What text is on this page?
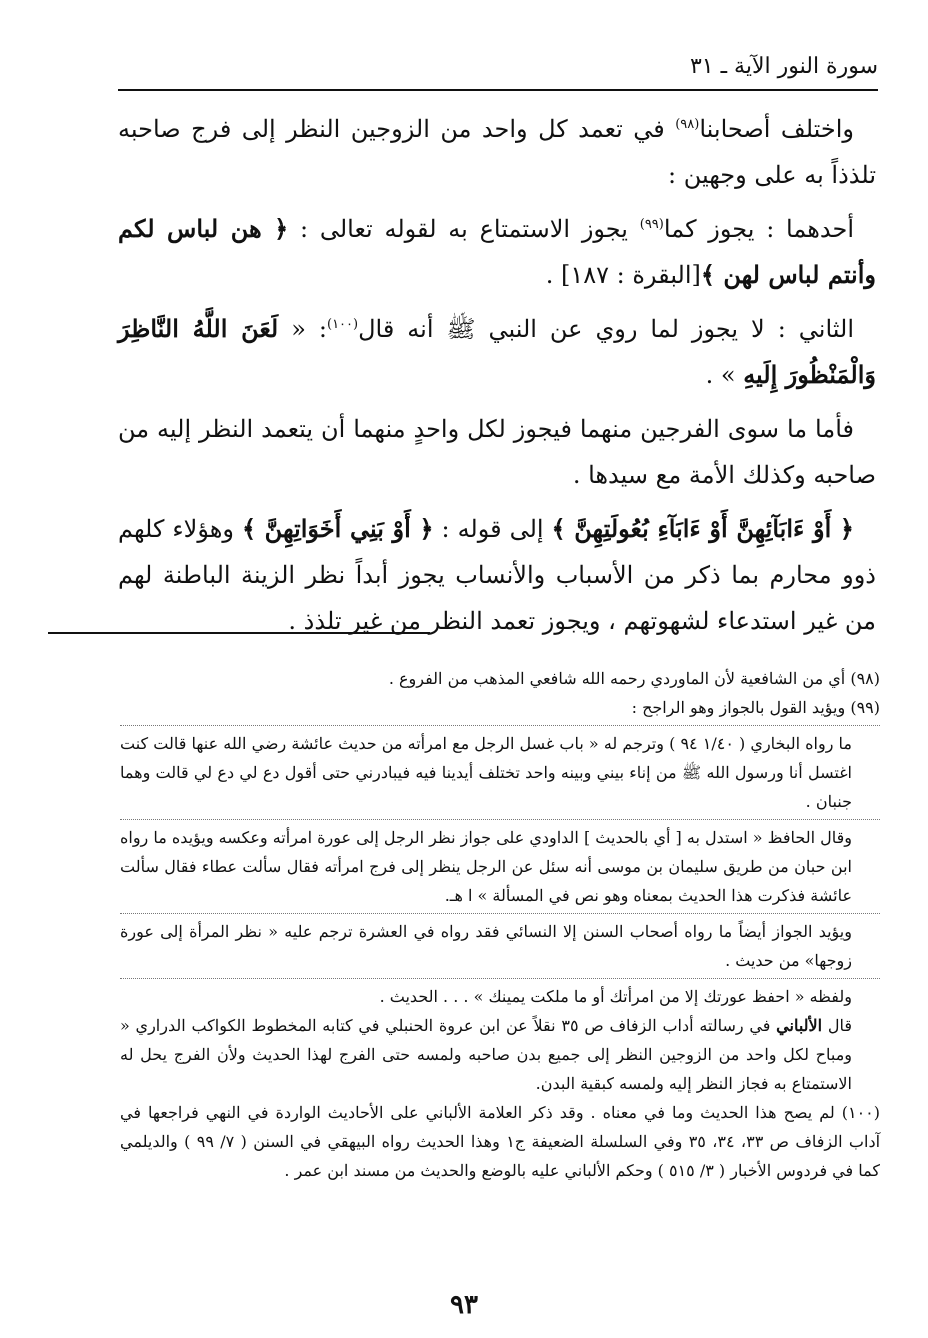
سورة النور الآية ـ ٣١

واختلف أصحابنا$^{(٩٨)}$ في تعمد كل واحد من الزوجين النظر إلى فرج صاحبه تلذذاً به على وجهين :

أحدهما : يجوز كما$^{(٩٩)}$ يجوز الاستمتاع به لقوله تعالى : ﴿ هن لباس لكم وأنتم لباس لهن ﴾[البقرة : ١٨٧] .

الثاني : لا يجوز لما روي عن النبي ﷺ أنه قال$^{(١٠٠)}$: « لَعَنَ اللَّهُ النَّاظِرَ وَالْمَنْظُورَ إِلَيهِ » .

فأما ما سوى الفرجين منهما فيجوز لكل واحدٍ منهما أن يتعمد النظر إليه من صاحبه وكذلك الأمة مع سيدها .

﴿ أَوْ ءَابَآئِهِنَّ أَوْ ءَابَآءِ بُعُولَتِهِنَّ ﴾ إلى قوله : ﴿ أَوْ بَنِي أَخَوَاتِهِنَّ ﴾ وهؤلاء كلهم ذوو محارم بما ذكر من الأسباب والأنساب يجوز أبداً نظر الزينة الباطنة لهم من غير استدعاء لشهوتهم ، ويجوز تعمد النظر من غير تلذذ .

(٩٨) أي من الشافعية لأن الماوردي رحمه الله شافعي المذهب من الفروع .

(٩٩) ويؤيد القول بالجواز وهو الراجح :

ما رواه البخاري ( ١/٤٠ ٩٤ ) وترجم له « باب غسل الرجل مع امرأته من حديث عائشة رضي الله عنها قالت كنت اغتسل أنا ورسول الله ﷺ من إناء بيني وبينه واحد تختلف أيدينا فيه فيبادرني حتى أقول دع لي دع لي قالت وهما جنبان .

وقال الحافظ « استدل به [ أي بالحديث ] الداودي على جواز نظر الرجل إلى عورة امرأته وعكسه ويؤيده ما رواه ابن حبان من طريق سليمان بن موسى أنه سئل عن الرجل ينظر إلى فرج امرأته فقال سألت عطاء فقال سألت عائشة فذكرت هذا الحديث بمعناه وهو نص في المسألة » ا هـ.

ويؤيد الجواز أيضاً ما رواه أصحاب السنن إلا النسائي فقد رواه في العشرة ترجم عليه « نظر المرأة إلى عورة زوجها» من حديث .

ولفظه « احفظ عورتك إلا من امرأتك أو ما ملكت يمينك » . . . الحديث .

قال الألباني في رسالته أداب الزفاف ص ٣٥ نقلاً عن ابن عروة الحنبلي في كتابه المخطوط الكواكب الدراري « ومباح لكل واحد من الزوجين النظر إلى جميع بدن صاحبه ولمسه حتى الفرج لهذا الحديث ولأن الفرج يحل له الاستمتاع به فجاز النظر إليه ولمسه كبقية البدن.

(١٠٠) لم يصح هذا الحديث وما في معناه . وقد ذكر العلامة الألباني على الأحاديث الواردة في النهي فراجعها في آداب الزفاف ص ٣٣، ٣٤، ٣٥ وفي السلسلة الضعيفة ج١ وهذا الحديث رواه البيهقي في السنن ( ٧/ ٩٩ ) والديلمي كما في فردوس الأخبار ( ٣/ ٥١٥ ) وحكم الألباني عليه بالوضع والحديث من مسند ابن عمر .

٩٣
